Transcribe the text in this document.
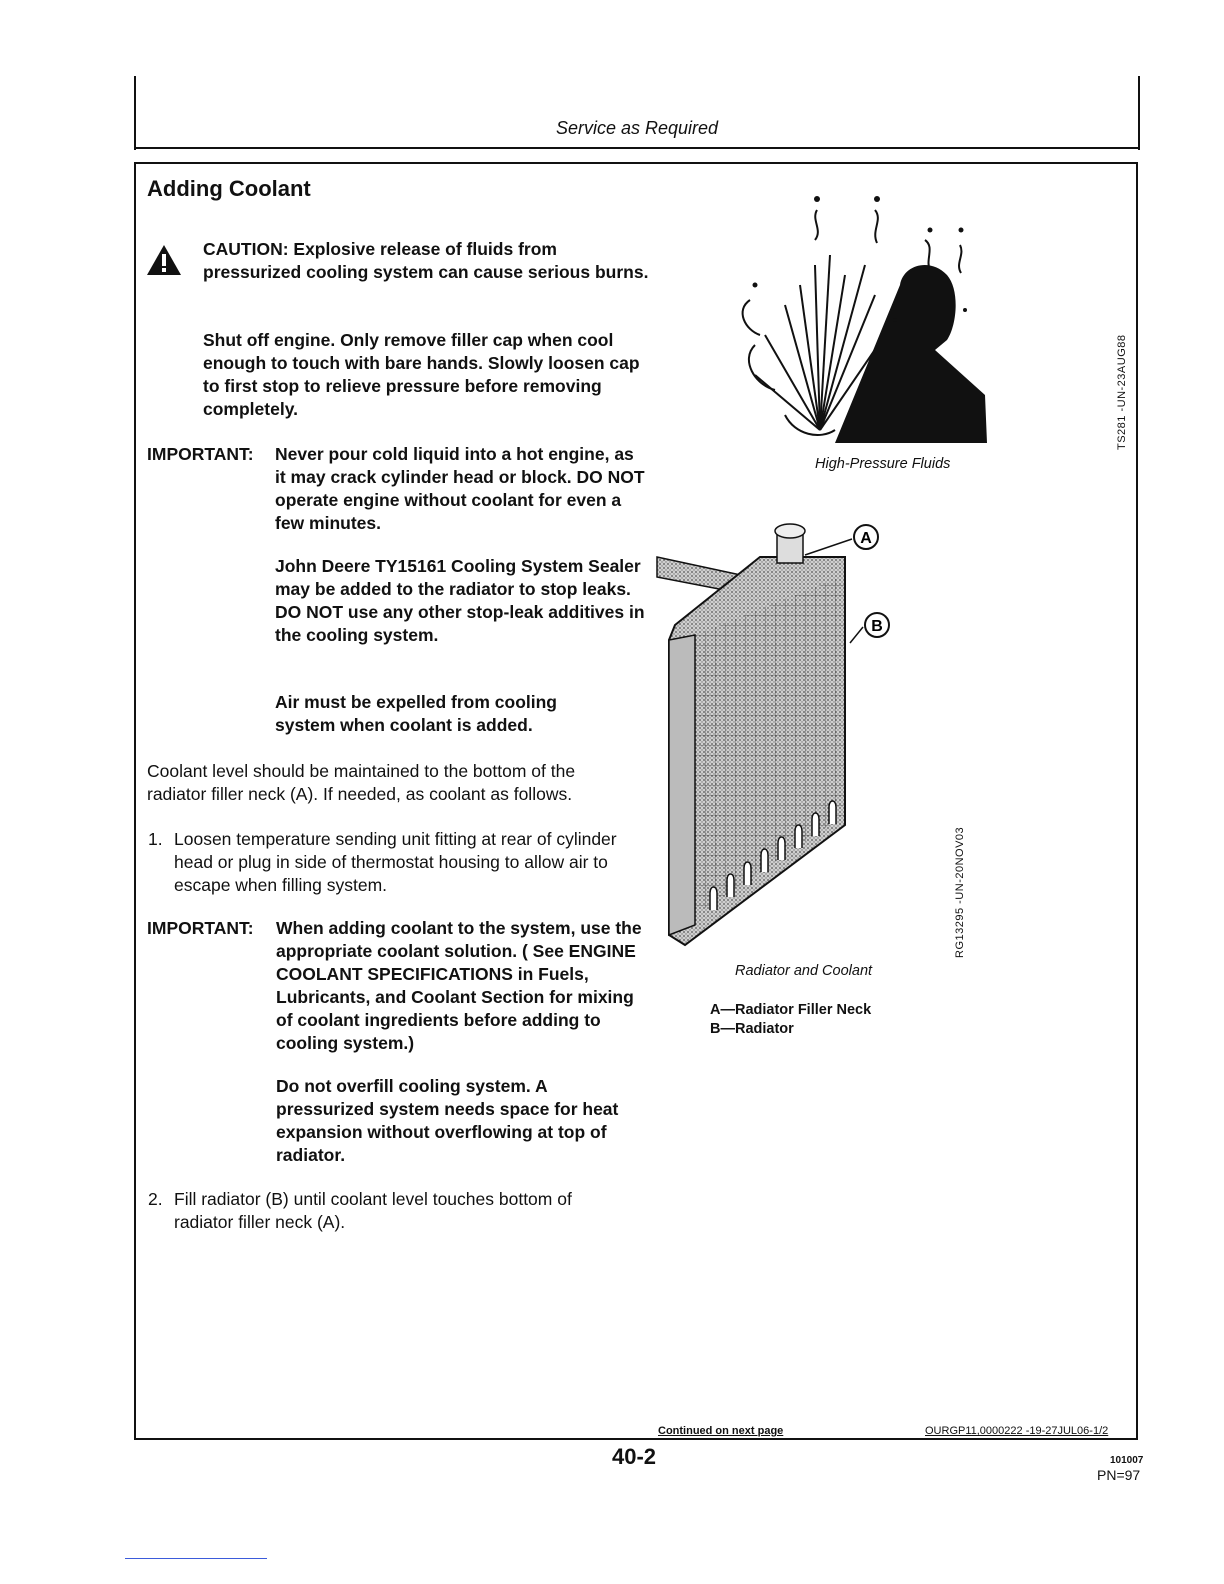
Service as Required
Adding Coolant
CAUTION: Explosive release of fluids from pressurized cooling system can cause serious burns.
Shut off engine. Only remove filler cap when cool enough to touch with bare hands. Slowly loosen cap to first stop to relieve pressure before removing completely.
IMPORTANT: Never pour cold liquid into a hot engine, as it may crack cylinder head or block. DO NOT operate engine without coolant for even a few minutes.
John Deere TY15161 Cooling System Sealer may be added to the radiator to stop leaks. DO NOT use any other stop-leak additives in the cooling system.
Air must be expelled from cooling system when coolant is added.
Coolant level should be maintained to the bottom of the radiator filler neck (A). If needed, as coolant as follows.
1. Loosen temperature sending unit fitting at rear of cylinder head or plug in side of thermostat housing to allow air to escape when filling system.
IMPORTANT: When adding coolant to the system, use the appropriate coolant solution. ( See ENGINE COOLANT SPECIFICATIONS in Fuels, Lubricants, and Coolant Section for mixing of coolant ingredients before adding to cooling system.)
Do not overfill cooling system. A pressurized system needs space for heat expansion without overflowing at top of radiator.
2. Fill radiator (B) until coolant level touches bottom of radiator filler neck (A).
High-Pressure Fluids
TS281 -UN-23AUG88
A
B
Radiator and Coolant
RG13295 -UN-20NOV03
A—Radiator Filler Neck
B—Radiator
Continued on next page	OURGP11,0000222 -19-27JUL06-1/2
40-2	101007
PN=97
